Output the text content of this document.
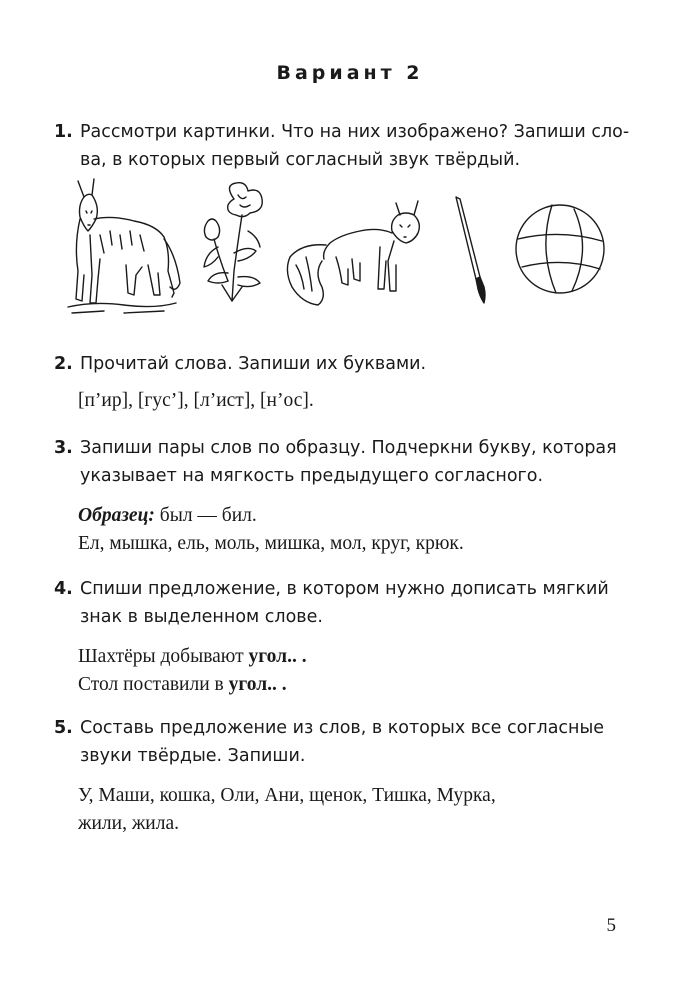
Вариант 2

1. Рассмотри картинки. Что на них изображено? Запиши сло-

ва, в которых первый согласный звук твёрдый.

2. Прочитай слова. Запиши их буквами.

[п’ир], [гус’], [л’ист], [н’ос].

3. Запиши пары слов по образцу. Подчеркни букву, которая

указывает на мягкость предыдущего согласного.

Образец: был — бил.

Ел, мышка, ель, моль, мишка, мол, круг, крюк.

4. Спиши предложение, в котором нужно дописать мягкий

знак в выделенном слове.

Шахтёры добывают угол.. .

Стол поставили в угол.. .

5. Составь предложение из слов, в которых все согласные

звуки твёрдые. Запиши.

У, Маши, кошка, Оли, Ани, щенок, Тишка, Мурка,

жили, жила.

5
